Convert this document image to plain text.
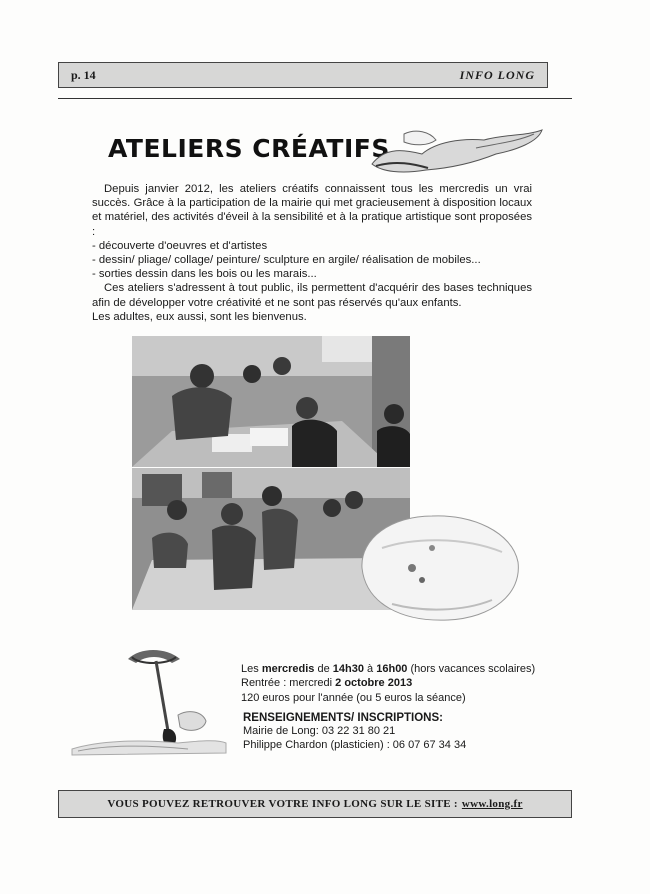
p. 14	INFO LONG
ATELIERS CRÉATIFS

Depuis janvier 2012, les ateliers créatifs connaissent tous les mercredis un vrai succès. Grâce à la participation de la mairie qui met gracieusement à disposition locaux et matériel, des activités d'éveil à la sensibilité et à la pratique artistique sont proposées :

- découverte d'oeuvres et d'artistes

- dessin/ pliage/ collage/ peinture/ sculpture en argile/ réalisation de mobiles...

- sorties dessin dans les bois ou les marais...

Ces ateliers s'adressent à tout public, ils permettent d'acquérir des bases techniques afin de développer votre créativité et ne sont pas réservés qu'aux enfants.

Les adultes, eux aussi, sont les bienvenus.

Les mercredis de 14h30 à 16h00 (hors vacances scolaires)

Rentrée : mercredi 2 octobre 2013

120 euros pour l'année (ou 5 euros la séance)

RENSEIGNEMENTS/ INSCRIPTIONS:

Mairie de Long: 03 22 31 80 21

Philippe Chardon (plasticien) : 06 07 67 34 34

VOUS POUVEZ RETROUVER VOTRE INFO LONG SUR LE SITE : www.long.fr
